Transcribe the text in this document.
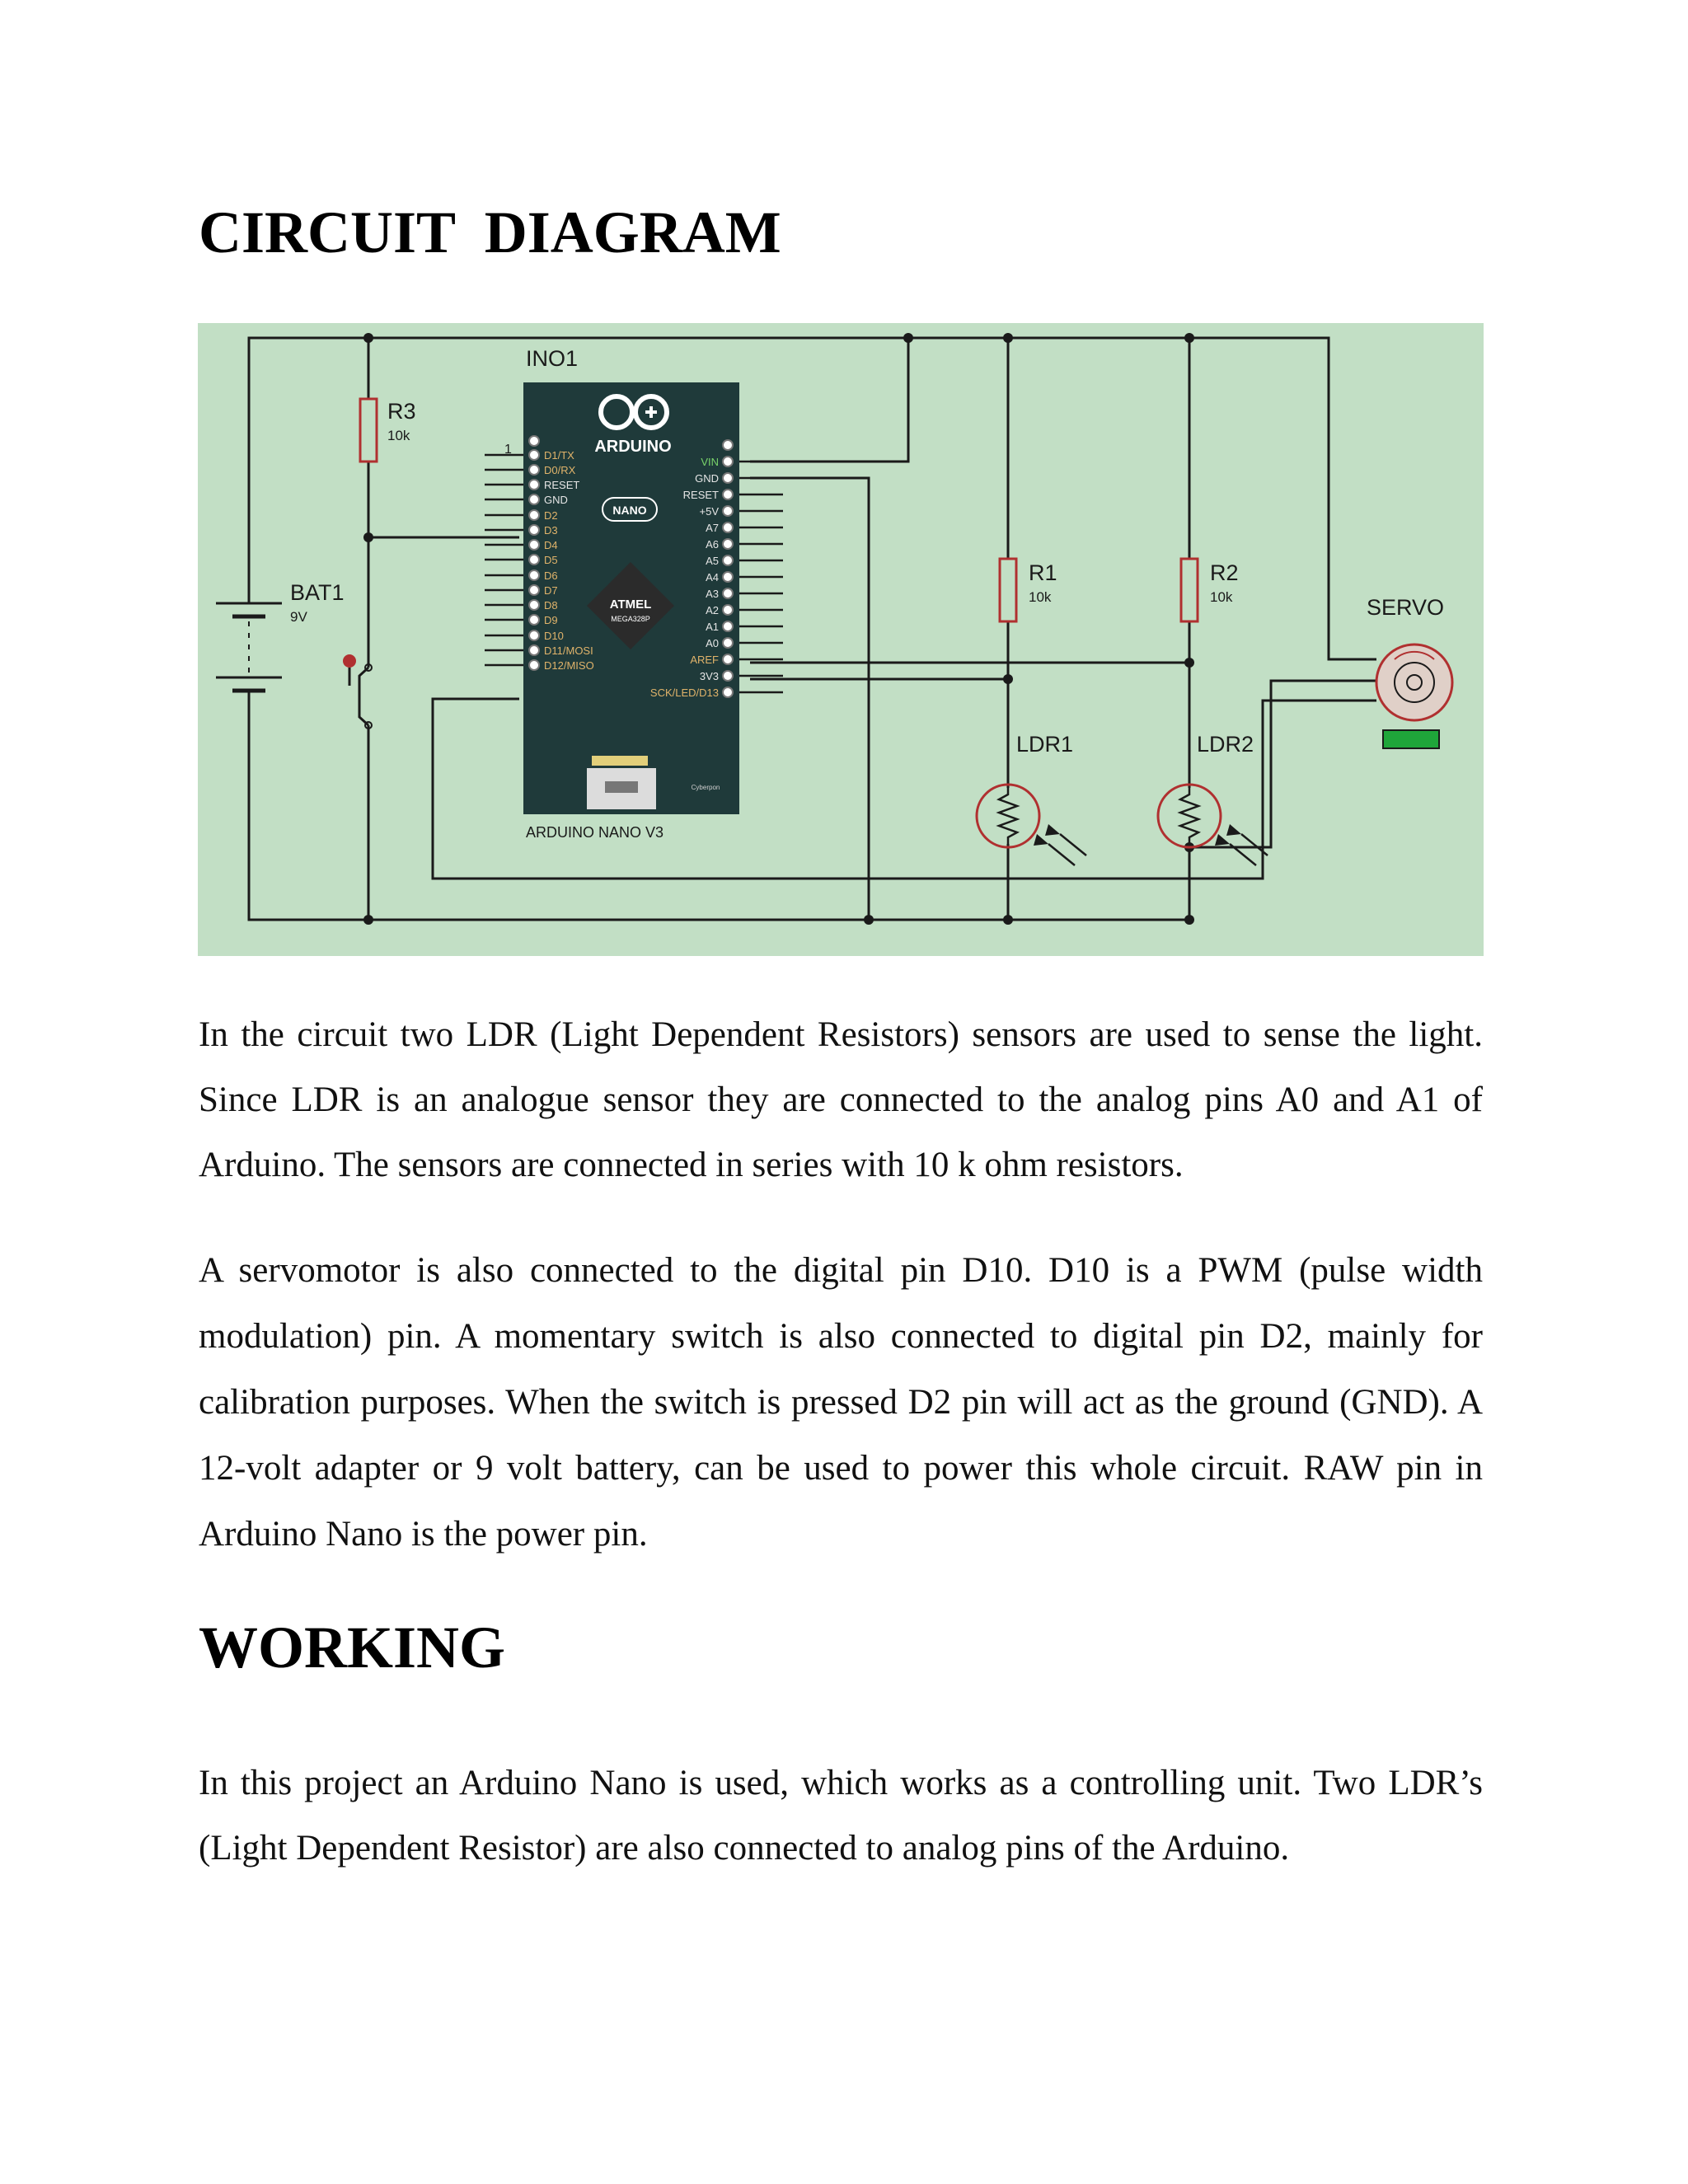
CIRCUIT DIAGRAM
BAT1
9V
R3
10k
INO1
ARDUINO
1
NANO
ATMEL
MEGA328P
Cyberpon
ARDUINO NANO V3
D1/TX
D0/RX
RESET
GND
D2
D3
D4
D5
D6
D7
D8
D9
D10
D11/MOSI
D12/MISO
VIN
GND
RESET
+5V
A7
A6
A5
A4
A3
A2
A1
A0
AREF
3V3
SCK/LED/D13
R1
10k
R2
10k
LDR1	LDR2
SERVO

In the circuit two LDR (Light Dependent Resistors) sensors are used to sense the light. Since LDR is an analogue sensor they are connected to the analog pins A0 and A1 of Arduino. The sensors are connected in series with 10 k ohm resistors.

A servomotor is also connected to the digital pin D10. D10 is a PWM (pulse width modulation) pin. A momentary switch is also connected to digital pin D2, mainly for calibration purposes. When the switch is pressed D2 pin will act as the ground (GND). A 12-volt adapter or 9 volt battery, can be used to power this whole circuit. RAW pin in Arduino Nano is the power pin.

WORKING

In this project an Arduino Nano is used, which works as a controlling unit. Two LDR’s (Light Dependent Resistor) are also connected to analog pins of the Arduino.
